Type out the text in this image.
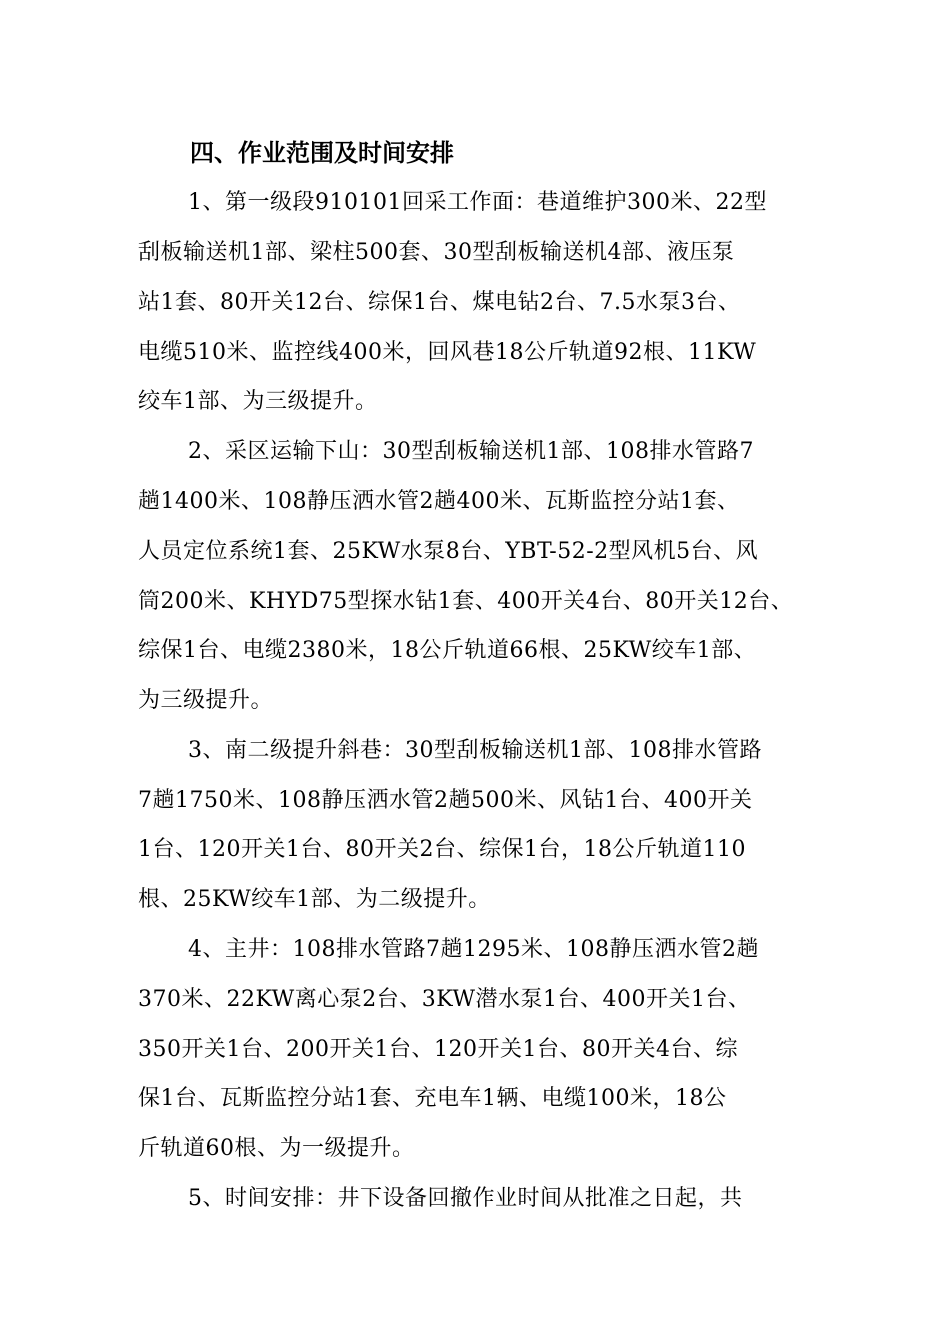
四、作业范围及时间安排
1、第一级段910101回采工作面：巷道维护300米、22型
刮板输送机1部、梁柱500套、30型刮板输送机4部、液压泵
站1套、80开关12台、综保1台、煤电钻2台、7.5水泵3台、
电缆510米、监控线400米，回风巷18公斤轨道92根、11KW
绞车1部、为三级提升。
2、采区运输下山：30型刮板输送机1部、108排水管路7
趟1400米、108静压洒水管2趟400米、瓦斯监控分站1套、
人员定位系统1套、25KW水泵8台、YBT-52-2型风机5台、风
筒200米、KHYD75型探水钻1套、400开关4台、80开关12台、
综保1台、电缆2380米，18公斤轨道66根、25KW绞车1部、
为三级提升。
3、南二级提升斜巷：30型刮板输送机1部、108排水管路
7趟1750米、108静压洒水管2趟500米、风钻1台、400开关
1台、120开关1台、80开关2台、综保1台，18公斤轨道110
根、25KW绞车1部、为二级提升。
4、主井：108排水管路7趟1295米、108静压洒水管2趟
370米、22KW离心泵2台、3KW潜水泵1台、400开关1台、
350开关1台、200开关1台、120开关1台、80开关4台、综
保1台、瓦斯监控分站1套、充电车1辆、电缆100米，18公
斤轨道60根、为一级提升。
5、时间安排：井下设备回撤作业时间从批准之日起，共
